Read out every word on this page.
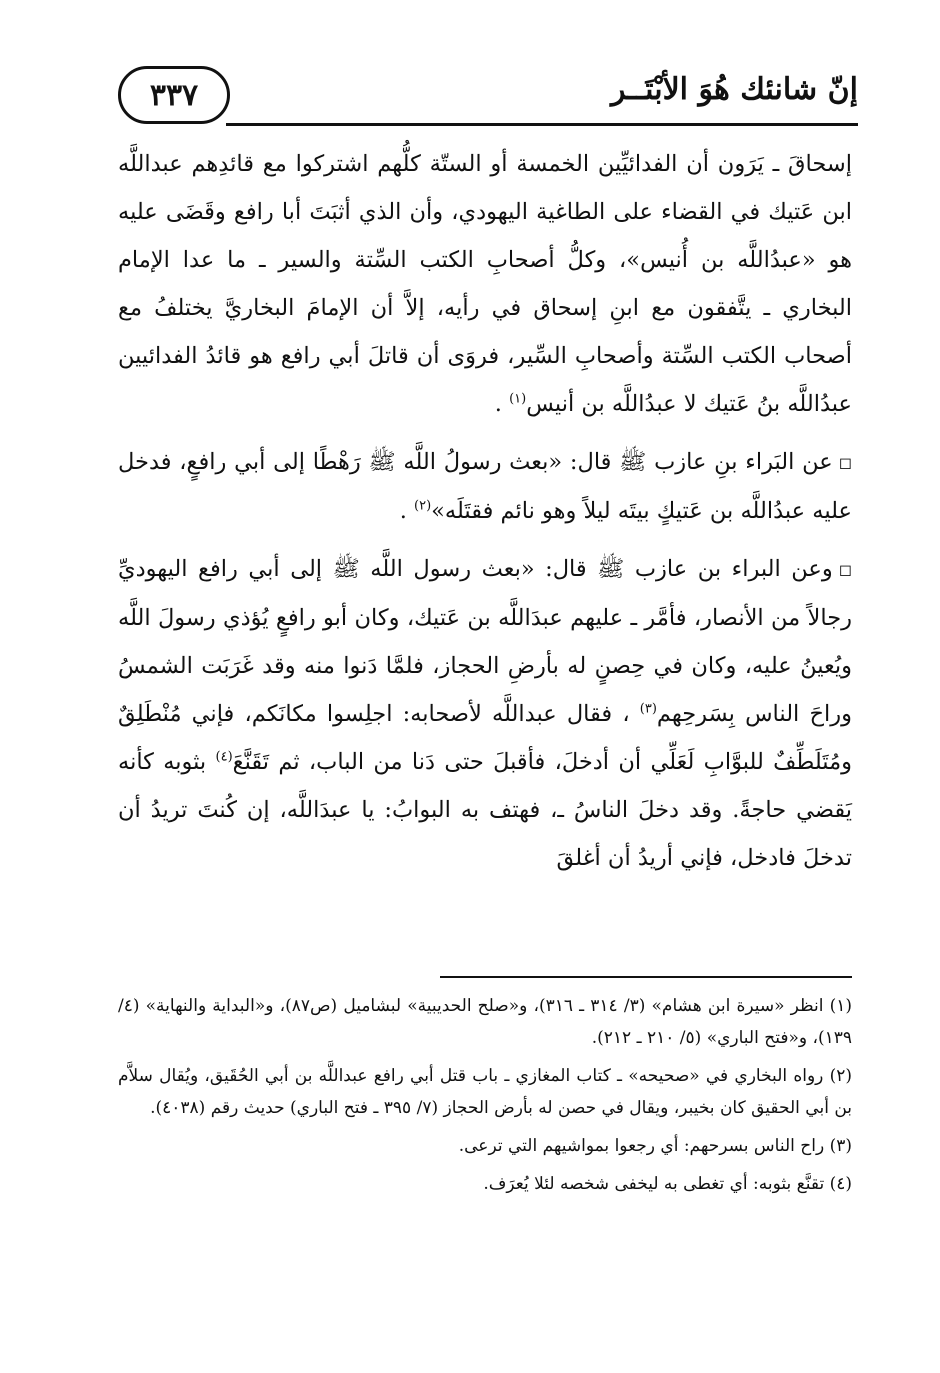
إنّ شانئك هُوَ الأبْتَــر
٣٣٧

إسحاقَ ـ يَرَون أن الفدائيِّين الخمسة أو الستّة كلُّهم اشتركوا مع قائدِهم عبداللَّه ابن عَتيك في القضاء على الطاغية اليهودي، وأن الذي أثبَتَ أبا رافع وقَضَى عليه هو «عبدُاللَّه بن أُنيس»، وكلُّ أصحابِ الكتب السِّتة والسير ـ ما عدا الإمام البخاري ـ يتَّفقون مع ابنِ إسحاق في رأيه، إلاَّ أن الإمامَ البخاريَّ يختلفُ مع أصحاب الكتب السِّتة وأصحابِ السِّير، فروَى أن قاتلَ أبي رافع هو قائدُ الفدائيين عبدُاللَّه بنُ عَتيك لا عبدُاللَّه بن أنيس$^{(١)}$ .

◻عن البَراء بنِ عازب ﷺ قال: «بعث رسولُ اللَّه ﷺ رَهْطًا إلى أبي رافعٍ، فدخل عليه عبدُاللَّه بن عَتيكٍ بيتَه ليلاً وهو نائم فقتَلَه»$^{(٢)}$ .

◻وعن البراء بن عازب ﷺ قال: «بعث رسول اللَّه ﷺ إلى أبي رافع اليهوديِّ رجالاً من الأنصار، فأمَّر ـ عليهم عبدَاللَّه بن عَتيك، وكان أبو رافعٍ يُؤذي رسولَ اللَّه ويُعينُ عليه، وكان في حِصنٍ له بأرضِ الحجاز، فلمَّا دَنوا منه وقد غَرَبَت الشمسُ وراحَ الناس بِسَرحِهم$^{(٣)}$ ، فقال عبداللَّه لأصحابه: اجلِسوا مكانَكم، فإني مُنْطَلِقٌ ومُتَلَطِّفٌ للبوَّابِ لَعَلِّي أن أدخلَ، فأقبلَ حتى دَنا من الباب، ثم تَقَنَّعَ$^{(٤)}$ بثوبه كأنه يَقضي حاجةً. وقد دخلَ الناسُ ـ، فهتف به البوابُ: يا عبدَاللَّه، إن كُنتَ تريدُ أن تدخلَ فادخل، فإني أريدُ أن أغلقَ

(١) انظر «سيرة ابن هشام» (٣/ ٣١٤ ـ ٣١٦)، و«صلح الحديبية» لبشاميل (ص٨٧)، و«البداية والنهاية» (٤/ ١٣٩)، و«فتح الباري» (٥/ ٢١٠ ـ ٢١٢).

(٢) رواه البخاري في «صحيحه» ـ كتاب المغازي ـ باب قتل أبي رافع عبداللَّه بن أبي الحُقَيق، ويُقال سلاَّم بن أبي الحقيق كان بخيبر، ويقال في حصن له بأرض الحجاز (٧/ ٣٩٥ ـ فتح الباري) حديث رقم (٤٠٣٨).

(٣) راح الناس بسرحهم: أي رجعوا بمواشيهم التي ترعى.

(٤) تقنَّع بثوبه: أي تغطى به ليخفى شخصه لئلا يُعرَف.
